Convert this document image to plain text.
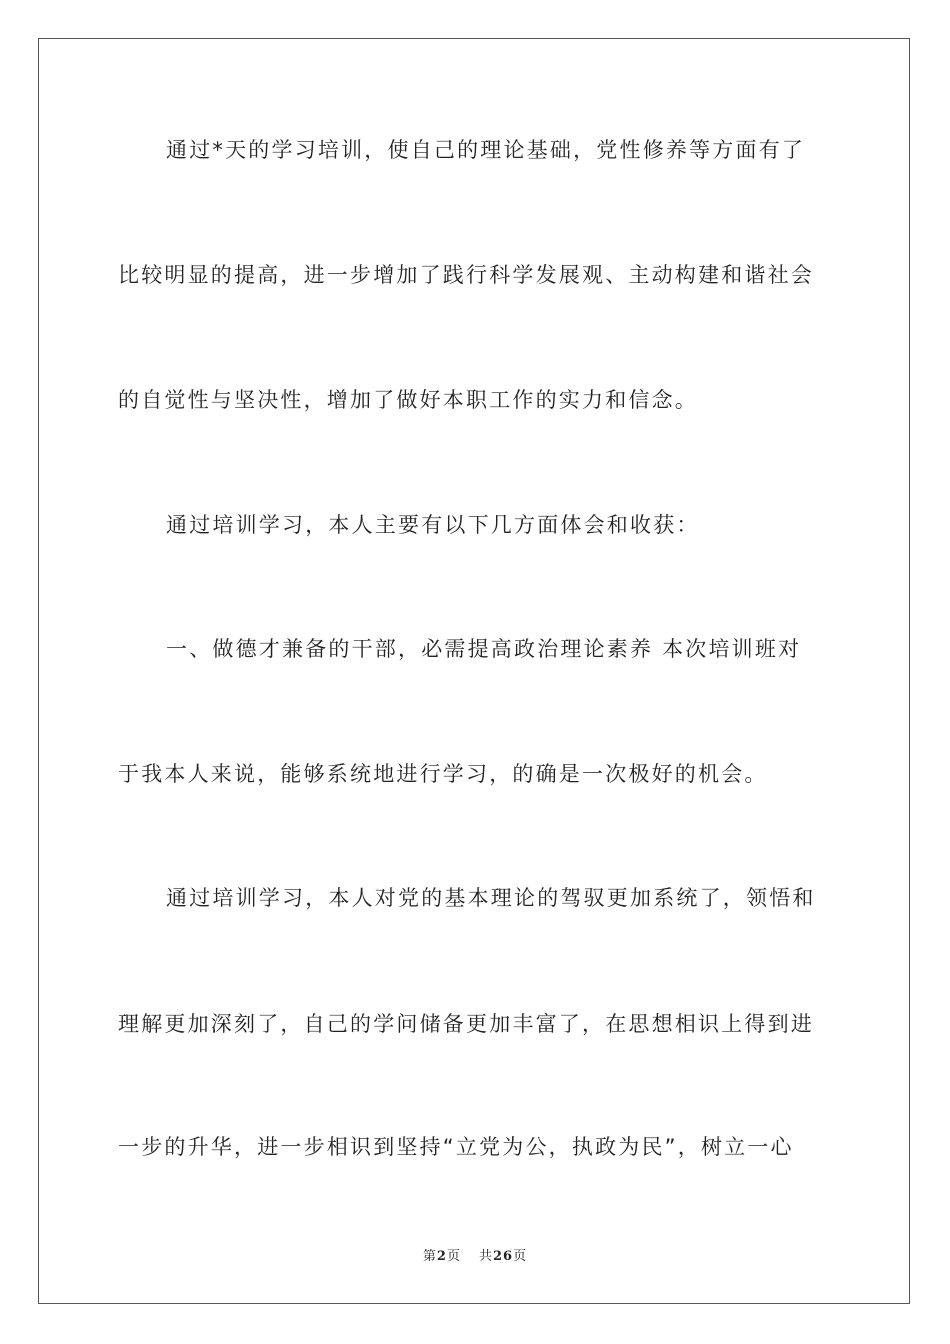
通过*天的学习培训，使自己的理论基础，党性修养等方面有了
比较明显的提高，进一步增加了践行科学发展观、主动构建和谐社会
的自觉性与坚决性，增加了做好本职工作的实力和信念。
通过培训学习，本人主要有以下几方面体会和收获：
一、做德才兼备的干部，必需提高政治理论素养 本次培训班对
于我本人来说，能够系统地进行学习，的确是一次极好的机会。
通过培训学习，本人对党的基本理论的驾驭更加系统了，领悟和
理解更加深刻了，自己的学问储备更加丰富了，在思想相识上得到进
一步的升华，进一步相识到坚持“立党为公，执政为民”，树立一心
第2页 共26页
